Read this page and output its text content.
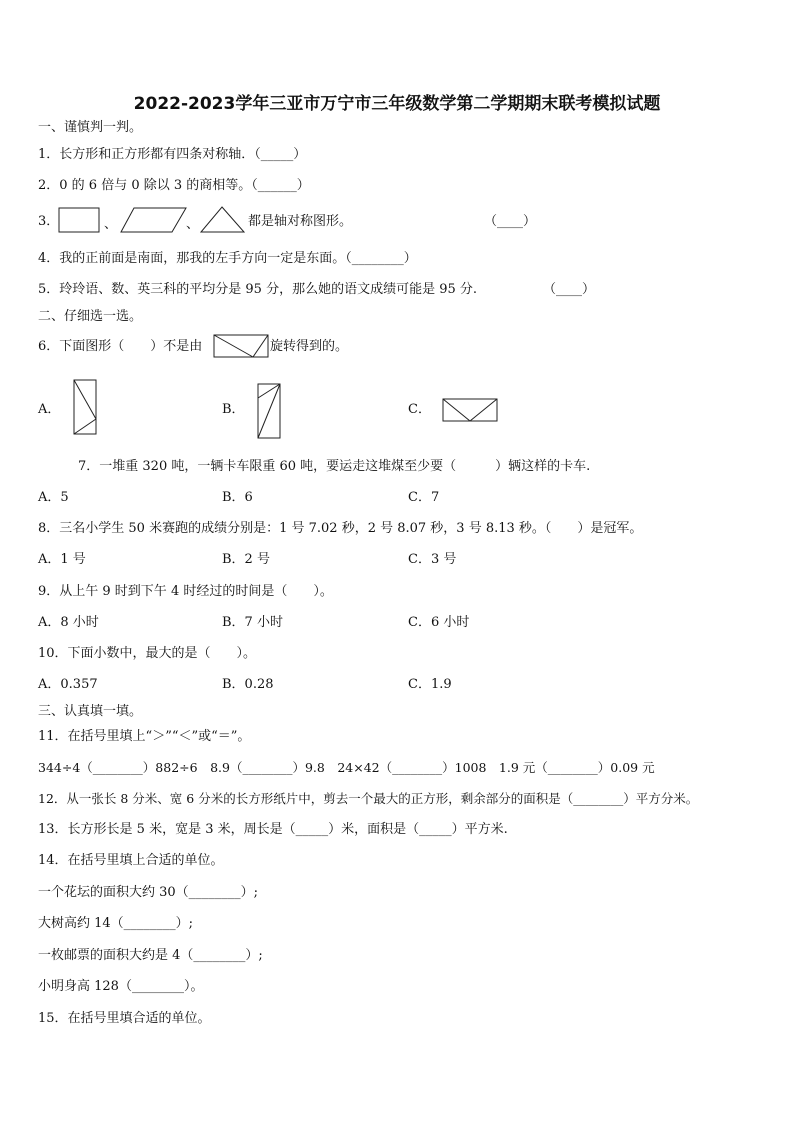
2022-2023学年三亚市万宁市三年级数学第二学期期末联考模拟试题
一、谨慎判一判。
1．长方形和正方形都有四条对称轴．（_____）
2．0 的 6 倍与 0 除以 3 的商相等。（______）
3．	、	、	都是轴对称图形。	（____）
4．我的正前面是南面，那我的左手方向一定是东面。（________）
5．玲玲语、数、英三科的平均分是 95 分，那么她的语文成绩可能是 95 分.	（____）
二、仔细选一选。
6．下面图形（　　）不是由	旋转得到的。
A．	B．	C．
7．一堆重 320 吨，一辆卡车限重 60 吨，要运走这堆煤至少要（　　　）辆这样的卡车.
A．5	B．6	C．7
8．三名小学生 50 米赛跑的成绩分别是：1 号 7.02 秒，2 号 8.07 秒，3 号 8.13 秒。（　　）是冠军。
A．1 号	B．2 号	C．3 号
9．从上午 9 时到下午 4 时经过的时间是（　　）。
A．8 小时	B．7 小时	C．6 小时
10．下面小数中，最大的是（　　）。
A．0.357	B．0.28	C．1.9
三、认真填一填。
11．在括号里填上“＞”“＜”或“＝”。
344÷4（________）882÷6　8.9（________）9.8　24×42（________）1008　1.9 元（________）0.09 元
12．从一张长 8 分米、宽 6 分米的长方形纸片中，剪去一个最大的正方形，剩余部分的面积是（________）平方分米。
13．长方形长是 5 米，宽是 3 米，周长是（_____）米，面积是（_____）平方米.
14．在括号里填上合适的单位。
一个花坛的面积大约 30（________）;
大树高约 14（________）;
一枚邮票的面积大约是 4（________）;
小明身高 128（________）。
15．在括号里填合适的单位。
